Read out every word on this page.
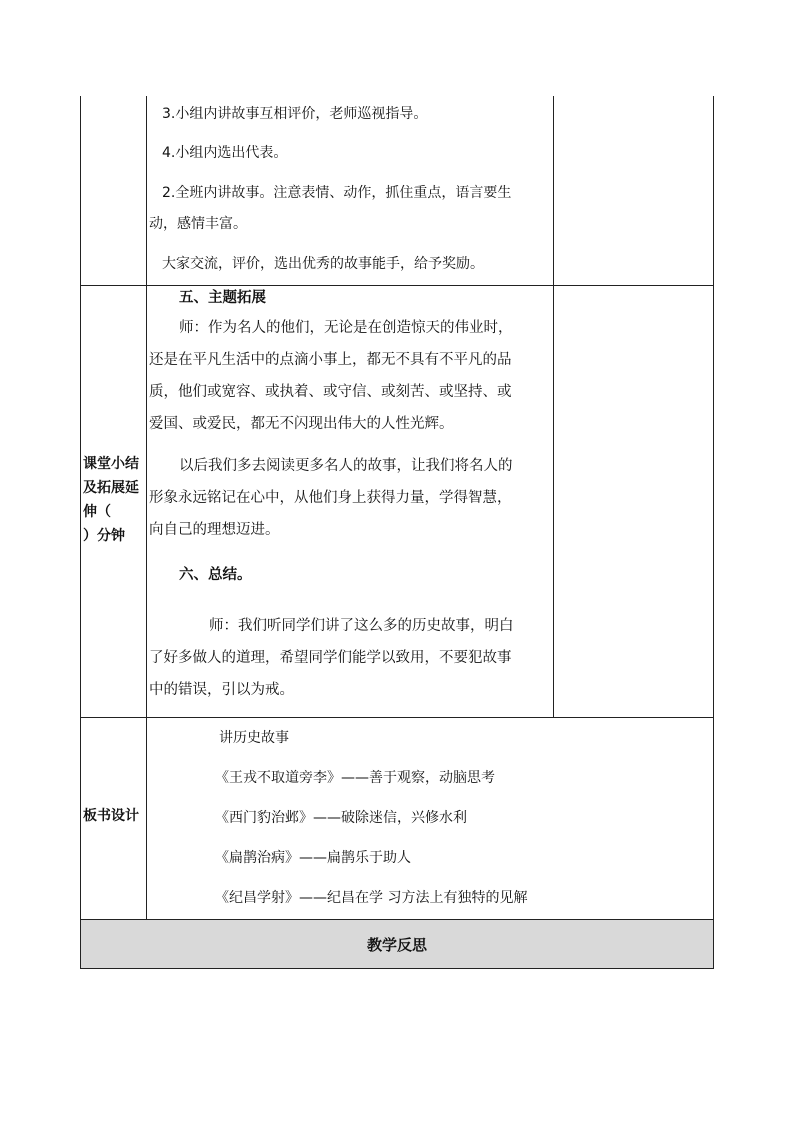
3.小组内讲故事互相评价，老师巡视指导。
4.小组内选出代表。
2.全班内讲故事。注意表情、动作，抓住重点，语言要生
动，感情丰富。
大家交流，评价，选出优秀的故事能手，给予奖励。
课堂小结
及拓展延
伸（
）分钟
五、主题拓展
师：作为名人的他们，无论是在创造惊天的伟业时，
还是在平凡生活中的点滴小事上，都无不具有不平凡的品
质，他们或宽容、或执着、或守信、或刻苦、或坚持、或
爱国、或爱民，都无不闪现出伟大的人性光辉。
以后我们多去阅读更多名人的故事，让我们将名人的
形象永远铭记在心中，从他们身上获得力量，学得智慧，
向自己的理想迈进。
六、总结。
师：我们听同学们讲了这么多的历史故事，明白
了好多做人的道理，希望同学们能学以致用，不要犯故事
中的错误，引以为戒。
板书设计
讲历史故事
《王戎不取道旁李》——善于观察，动脑思考
《西门豹治邺》——破除迷信，兴修水利
《扁鹊治病》——扁鹊乐于助人
《纪昌学射》——纪昌在学 习方法上有独特的见解
教学反思
